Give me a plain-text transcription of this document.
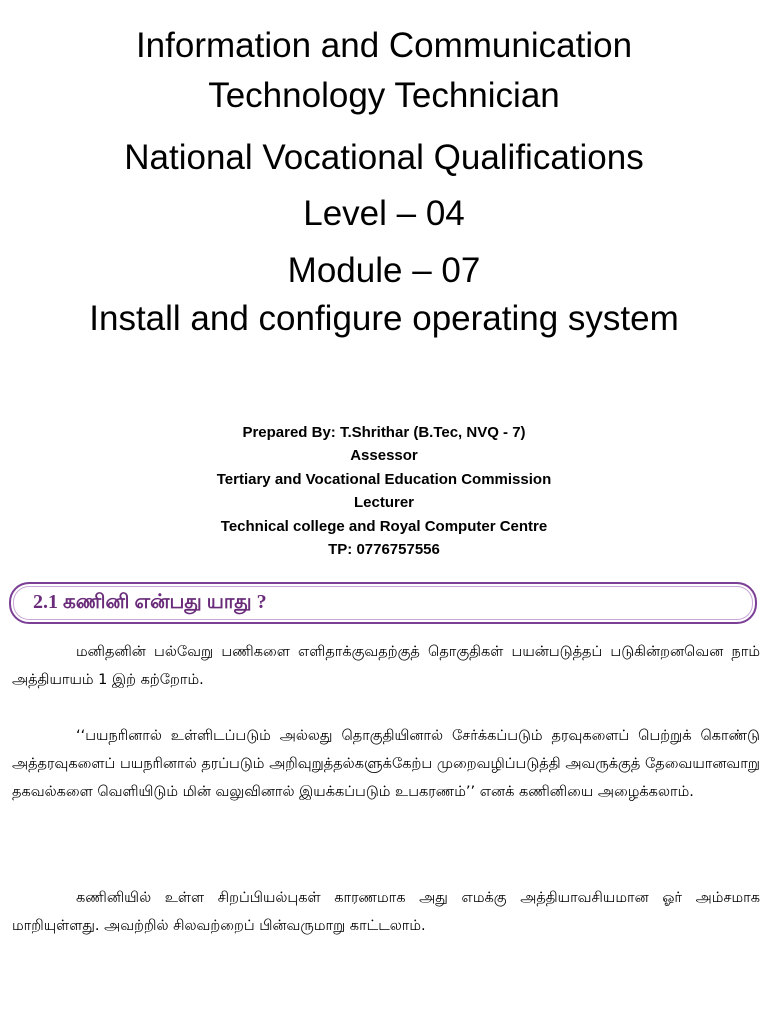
Information and Communication
Technology Technician
National Vocational Qualifications
Level – 04
Module – 07
Install and configure operating system
Prepared By: T.Shrithar (B.Tec, NVQ - 7)
Assessor
Tertiary and Vocational Education Commission
Lecturer
Technical college and Royal Computer Centre
TP: 0776757556
2.1 கணினி என்பது யாது ?

மனிதனின் பல்வேறு பணிகளை எளிதாக்குவதற்குத் தொகுதிகள் பயன்படுத்தப் படுகின்றனவென நாம் அத்தியாயம் 1 இற் கற்றோம்.

‘‘பயநரினால் உள்ளிடப்படும் அல்லது தொகுதியினால் சேர்க்கப்படும் தரவுகளைப் பெற்றுக் கொண்டு அத்தரவுகளைப் பயநரினால் தரப்படும் அறிவுறுத்தல்களுக்கேற்ப முறைவழிப்படுத்தி அவருக்குத் தேவையானவாறு தகவல்களை வெளியிடும் மின் வலுவினால் இயக்கப்படும் உபகரணம்’’ எனக் கணினியை அழைக்கலாம்.

கணினியில் உள்ள சிறப்பியல்புகள் காரணமாக அது எமக்கு அத்தியாவசியமான ஓர் அம்சமாக மாறியுள்ளது. அவற்றில் சிலவற்றைப் பின்வருமாறு காட்டலாம்.
